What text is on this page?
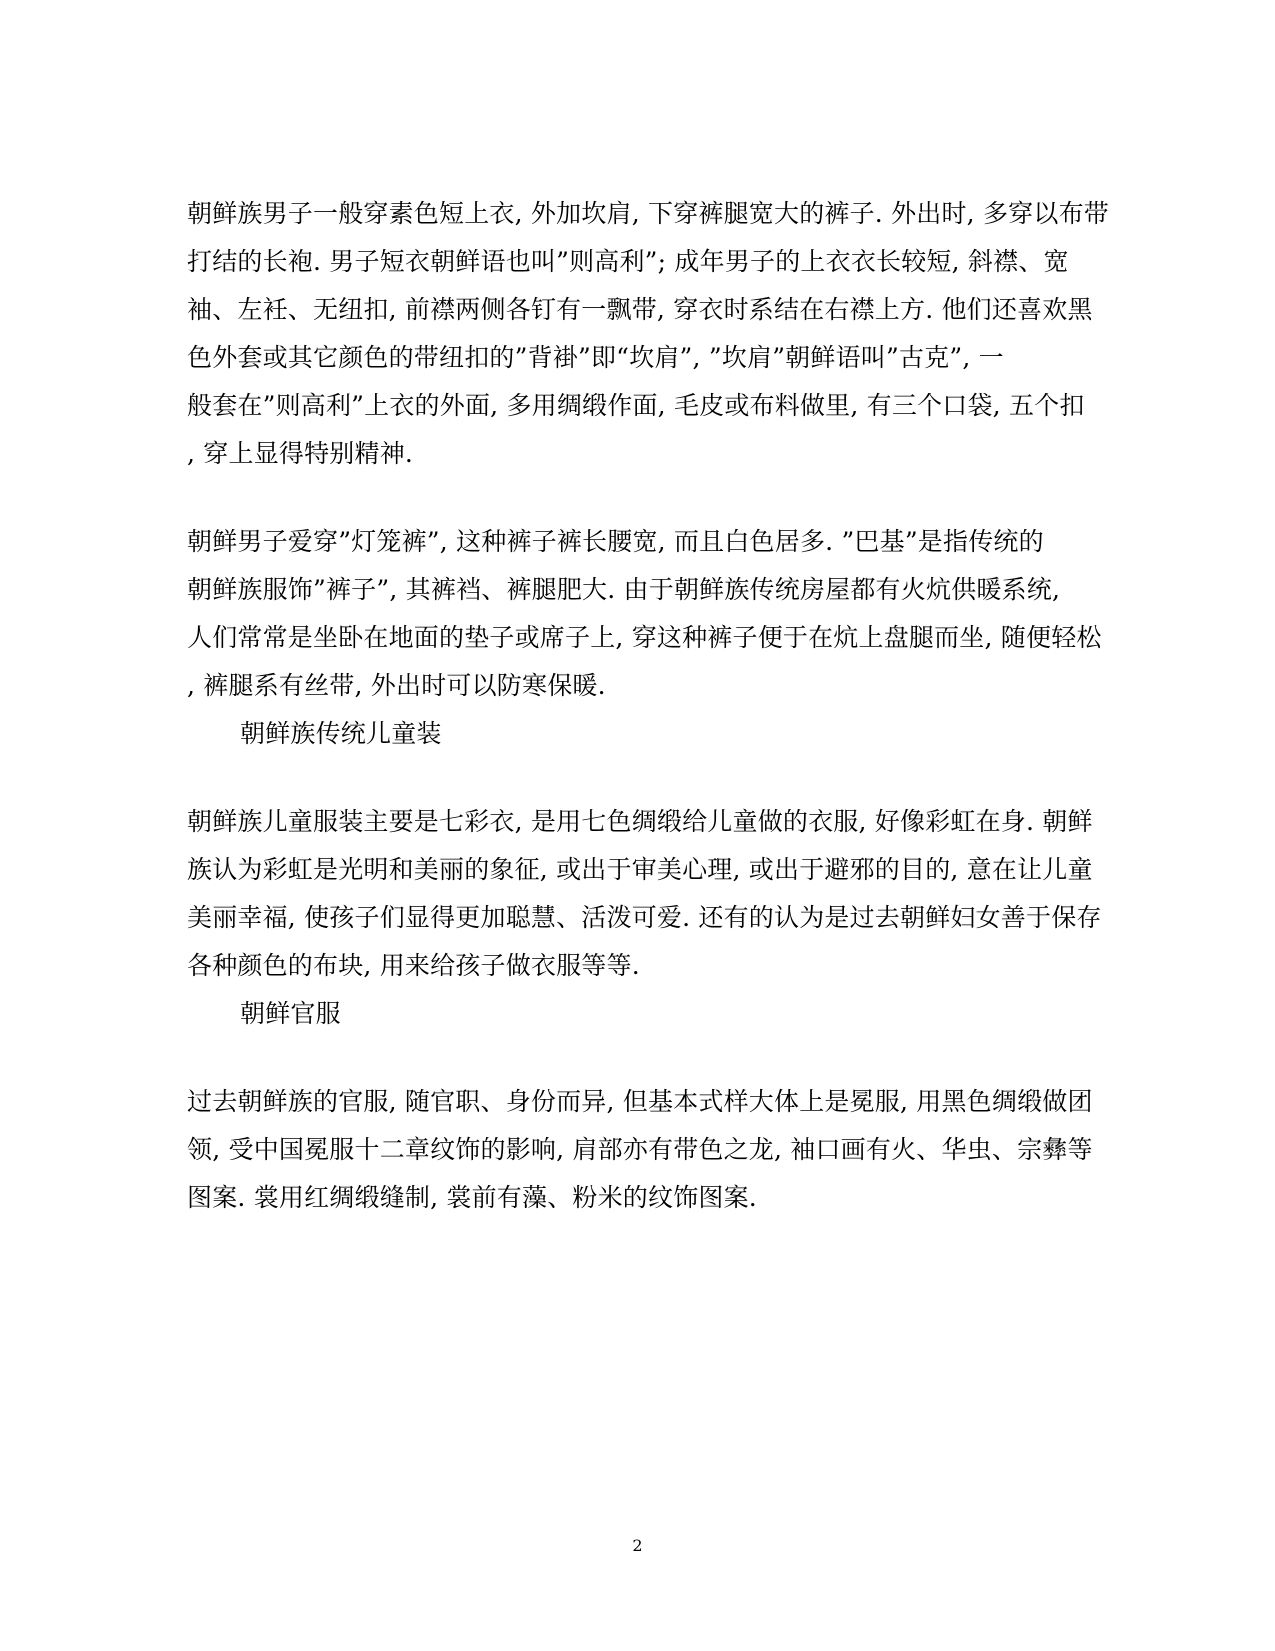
朝鲜族男子一般穿素色短上衣, 外加坎肩, 下穿裤腿宽大的裤子. 外出时, 多穿以布带
打结的长袍. 男子短衣朝鲜语也叫”则高利”; 成年男子的上衣衣长较短, 斜襟、宽
袖、左衽、无纽扣, 前襟两侧各钉有一飘带, 穿衣时系结在右襟上方. 他们还喜欢黑
色外套或其它颜色的带纽扣的”背褂”即“坎肩”, ”坎肩”朝鲜语叫”古克”, 一
般套在”则高利”上衣的外面, 多用绸缎作面, 毛皮或布料做里, 有三个口袋, 五个扣
, 穿上显得特别精神.
朝鲜男子爱穿”灯笼裤”, 这种裤子裤长腰宽, 而且白色居多. ”巴基”是指传统的
朝鲜族服饰”裤子”, 其裤裆、裤腿肥大. 由于朝鲜族传统房屋都有火炕供暖系统,
人们常常是坐卧在地面的垫子或席子上, 穿这种裤子便于在炕上盘腿而坐, 随便轻松
, 裤腿系有丝带, 外出时可以防寒保暖.
朝鲜族传统儿童装
朝鲜族儿童服装主要是七彩衣, 是用七色绸缎给儿童做的衣服, 好像彩虹在身. 朝鲜
族认为彩虹是光明和美丽的象征, 或出于审美心理, 或出于避邪的目的, 意在让儿童
美丽幸福, 使孩子们显得更加聪慧、活泼可爱. 还有的认为是过去朝鲜妇女善于保存
各种颜色的布块, 用来给孩子做衣服等等.
朝鲜官服
过去朝鲜族的官服, 随官职、身份而异, 但基本式样大体上是冕服, 用黑色绸缎做团
领, 受中国冕服十二章纹饰的影响, 肩部亦有带色之龙, 袖口画有火、华虫、宗彝等
图案. 裳用红绸缎缝制, 裳前有藻、粉米的纹饰图案.
2
